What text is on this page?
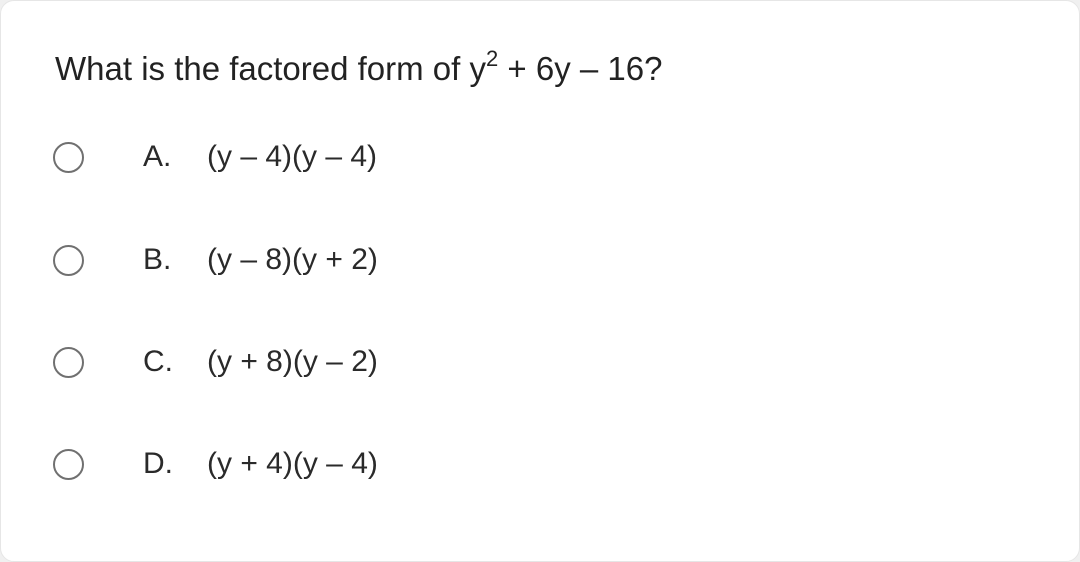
What is the factored form of $y^2 + 6y - 16$?
A. (y – 4)(y – 4)
B. (y – 8)(y + 2)
C. (y + 8)(y – 2)
D. (y + 4)(y – 4)
